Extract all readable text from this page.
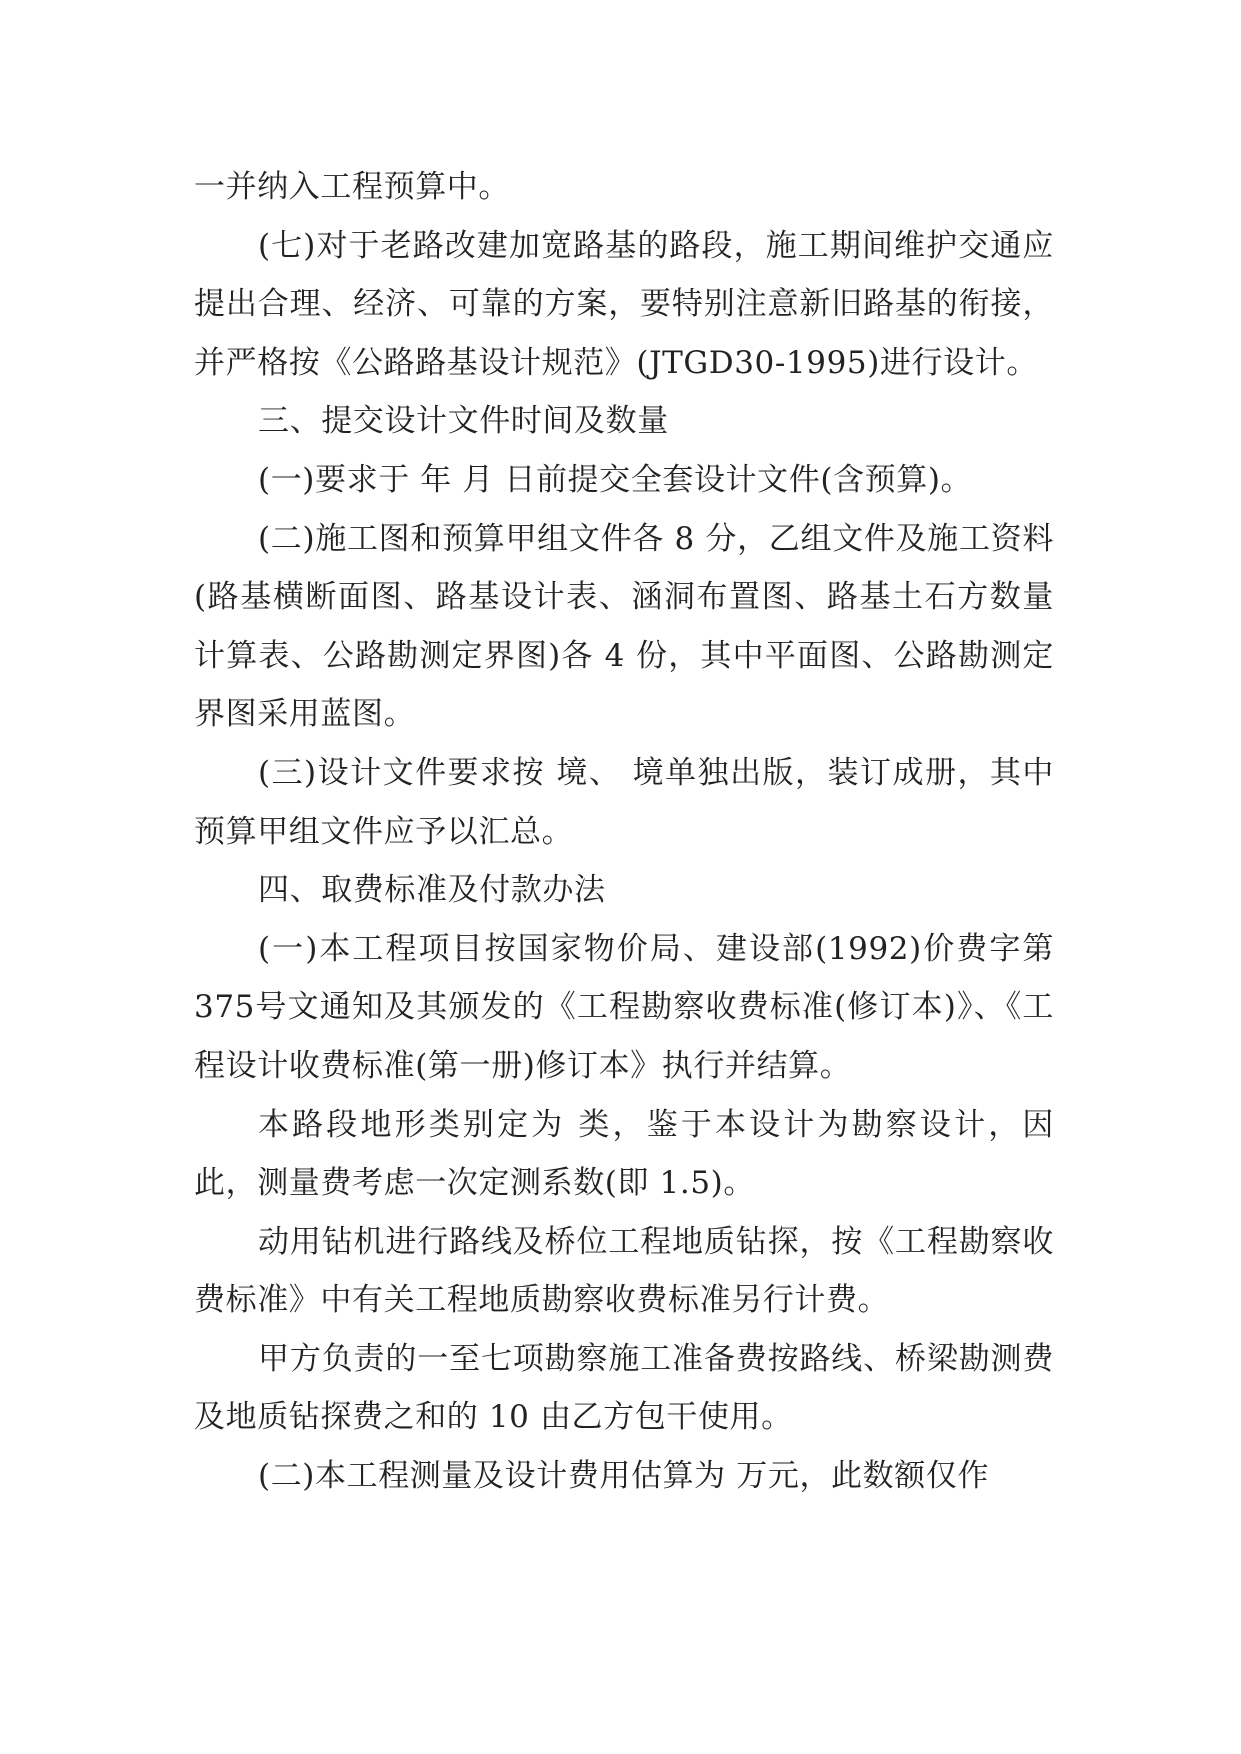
一并纳入工程预算中。

(七)对于老路改建加宽路基的路段，施工期间维护交通应提出合理、经济、可靠的方案，要特别注意新旧路基的衔接，并严格按《公路路基设计规范》(JTGD30-1995)进行设计。

三、提交设计文件时间及数量

(一)要求于 年 月 日前提交全套设计文件(含预算)。

(二)施工图和预算甲组文件各 8 分，乙组文件及施工资料(路基横断面图、路基设计表、涵洞布置图、路基土石方数量计算表、公路勘测定界图)各 4 份，其中平面图、公路勘测定界图采用蓝图。

(三)设计文件要求按 境、 境单独出版，装订成册，其中预算甲组文件应予以汇总。

四、取费标准及付款办法

(一)本工程项目按国家物价局、建设部(1992)价费字第375号文通知及其颁发的《工程勘察收费标准(修订本)》、《工程设计收费标准(第一册)修订本》执行并结算。

本路段地形类别定为 类，鉴于本设计为勘察设计，因此，测量费考虑一次定测系数(即 1.5)。

动用钻机进行路线及桥位工程地质钻探，按《工程勘察收费标准》中有关工程地质勘察收费标准另行计费。

甲方负责的一至七项勘察施工准备费按路线、桥梁勘测费及地质钻探费之和的 10 由乙方包干使用。

(二)本工程测量及设计费用估算为 万元，此数额仅作
